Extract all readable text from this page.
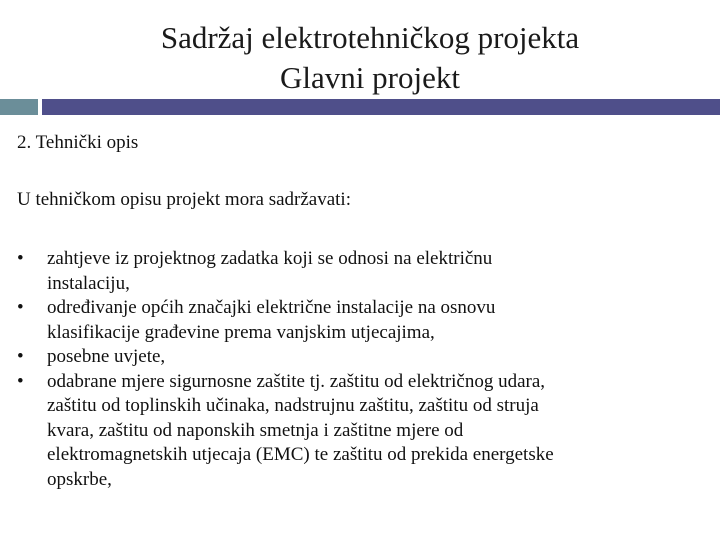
Sadržaj elektrotehničkog projekta
Glavni projekt
2. Tehnički opis
U tehničkom opisu projekt mora sadržavati:
•	zahtjeve iz projektnog zadatka koji se odnosi na električnu
instalaciju,
•	određivanje općih značajki električne instalacije na osnovu
klasifikacije građevine prema vanjskim utjecajima,
•	posebne uvjete,
•	odabrane mjere sigurnosne zaštite tj. zaštitu od električnog udara,
zaštitu od toplinskih učinaka, nadstrujnu zaštitu, zaštitu od struja
kvara, zaštitu od naponskih smetnja i zaštitne mjere od
elektromagnetskih utjecaja (EMC) te zaštitu od prekida energetske
opskrbe,
